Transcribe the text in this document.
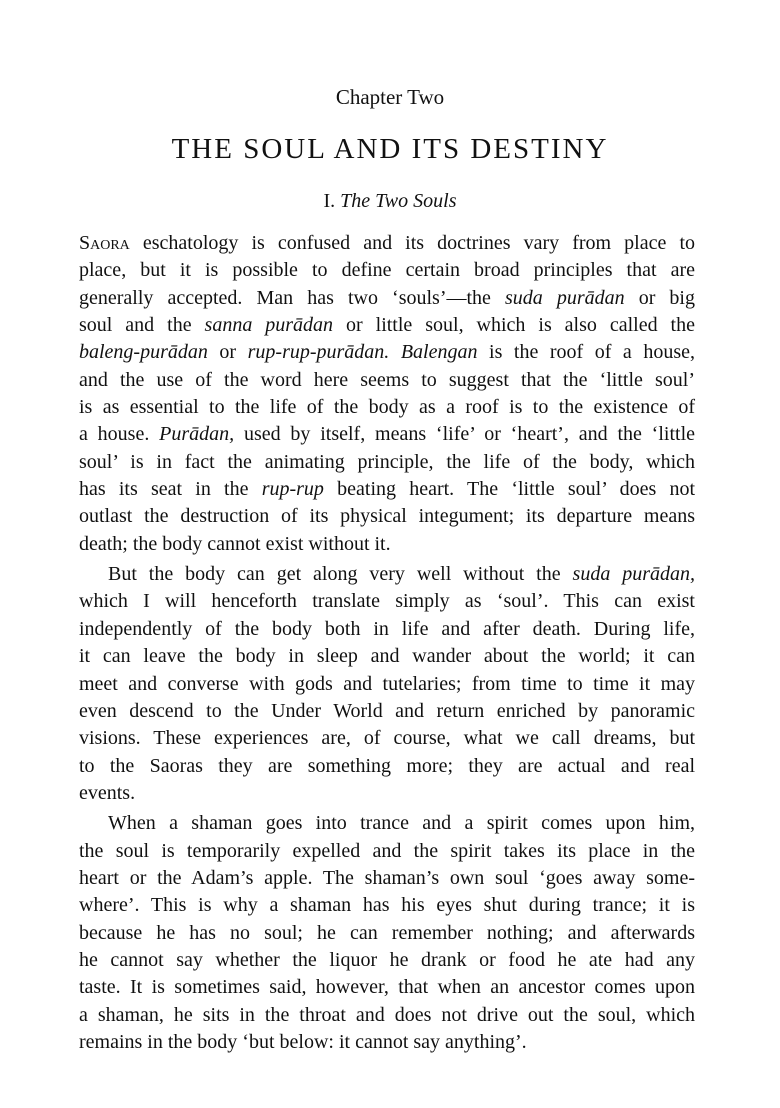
Chapter Two
THE SOUL AND ITS DESTINY
I. The Two Souls
Saora eschatology is confused and its doctrines vary from place to
place, but it is possible to define certain broad principles that are
generally accepted. Man has two ‘souls’—the suda purādan or big
soul and the sanna purādan or little soul, which is also called the
baleng-purādan or rup-rup-purādan. Balengan is the roof of a house,
and the use of the word here seems to suggest that the ‘little soul’
is as essential to the life of the body as a roof is to the existence of
a house. Purādan, used by itself, means ‘life’ or ‘heart’, and the ‘little
soul’ is in fact the animating principle, the life of the body, which
has its seat in the rup-rup beating heart. The ‘little soul’ does not
outlast the destruction of its physical integument; its departure means
death; the body cannot exist without it.
But the body can get along very well without the suda purādan,
which I will henceforth translate simply as ‘soul’. This can exist
independently of the body both in life and after death. During life,
it can leave the body in sleep and wander about the world; it can
meet and converse with gods and tutelaries; from time to time it may
even descend to the Under World and return enriched by panoramic
visions. These experiences are, of course, what we call dreams, but
to the Saoras they are something more; they are actual and real
events.
When a shaman goes into trance and a spirit comes upon him,
the soul is temporarily expelled and the spirit takes its place in the
heart or the Adam’s apple. The shaman’s own soul ‘goes away some-
where’. This is why a shaman has his eyes shut during trance; it is
because he has no soul; he can remember nothing; and afterwards
he cannot say whether the liquor he drank or food he ate had any
taste. It is sometimes said, however, that when an ancestor comes upon
a shaman, he sits in the throat and does not drive out the soul, which
remains in the body ‘but below: it cannot say anything’.
